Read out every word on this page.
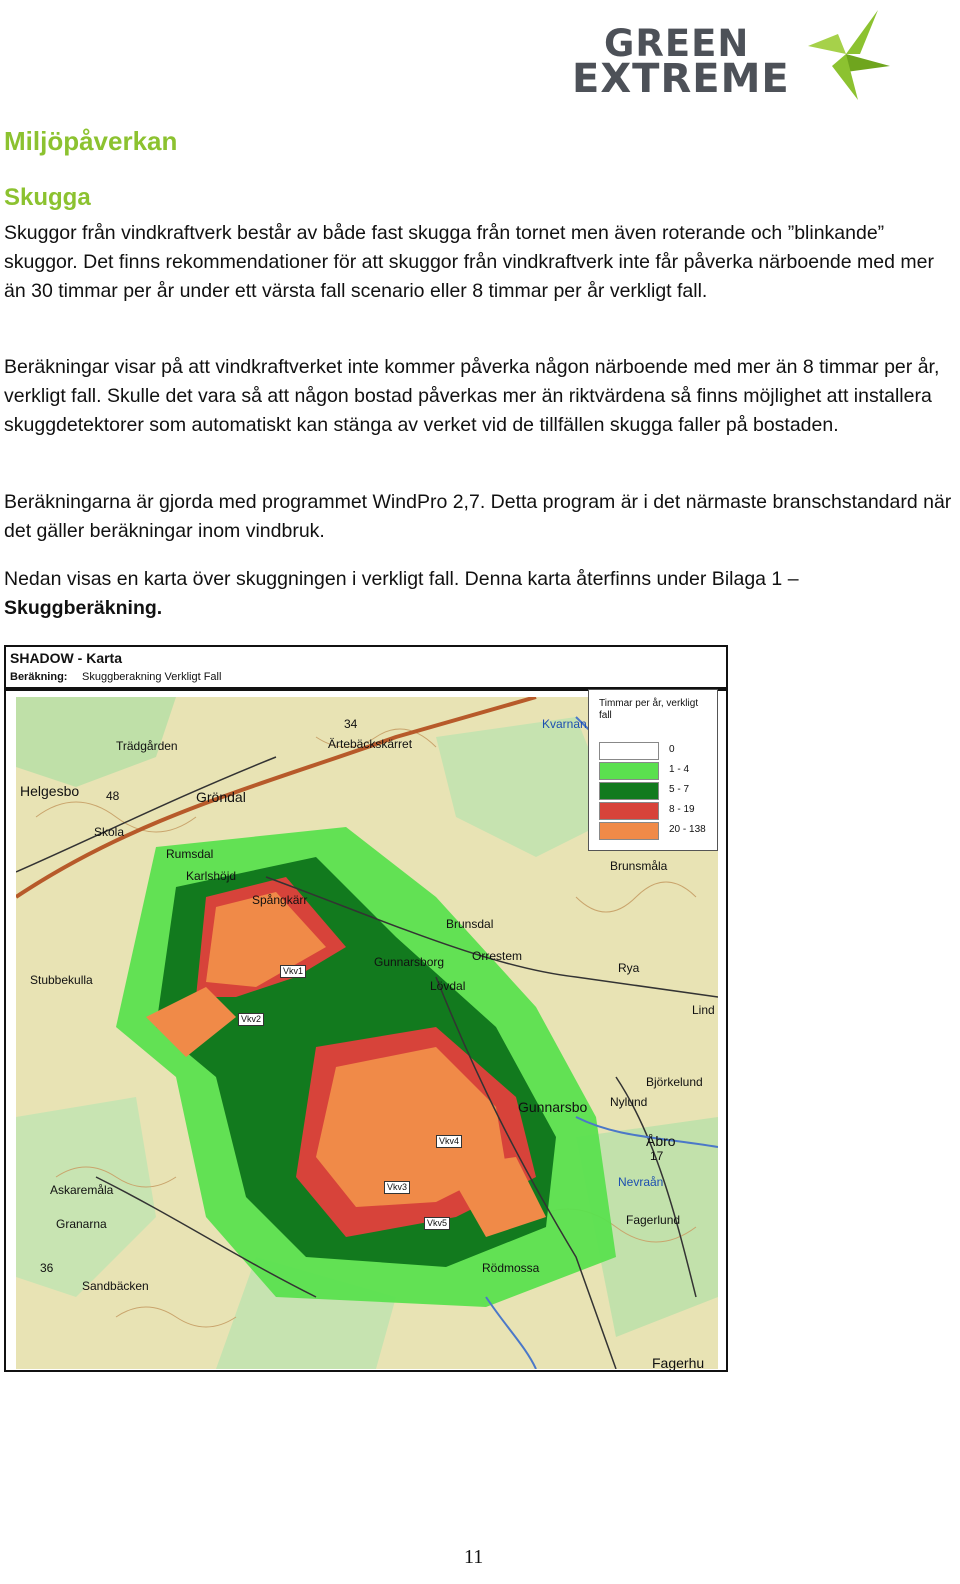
GREEN
EXTREME
Miljöpåverkan
Skugga

Skuggor från vindkraftverk består av både fast skugga från tornet men även roterande och ”blinkande” skuggor. Det finns rekommendationer för att skuggor från vindkraftverk inte får påverka närboende med mer än 30 timmar per år under ett värsta fall scenario eller 8 timmar per år verkligt fall.

Beräkningar visar på att vindkraftverket inte kommer påverka någon närboende med mer än 8 timmar per år, verkligt fall. Skulle det vara så att någon bostad påverkas mer än riktvärdena så finns möjlighet att installera skuggdetektorer som automatiskt kan stänga av verket vid de tillfällen skugga faller på bostaden.

Beräkningarna är gjorda med programmet WindPro 2,7. Detta program är i det närmaste branschstandard när det gäller beräkningar inom vindbruk.

Nedan visas en karta över skuggningen i verkligt fall. Denna karta återfinns under Bilaga 1 –
Skuggberäkning.

SHADOW - Karta
Beräkning: Skuggberakning Verkligt Fall
Timmar per år, verkligt fall
0
1 - 4
5 - 7
8 - 19
20 - 138
Trädgården	Ärtebäckskärret
34	Kvarnan
Helgesbo 48	Gröndal
Skola
Rumsdal
Karlshöjd
Spångkärr
Brunsmåla
Stubbekulla
Brunsdal
Gunnarsborg Orrestem
Lövdal
Rya
Lind
Björkelund
Nylund
Gunnarsbo
Åbro
17
Nevraån
Askaremåla
Fagerlund
Granarna
36	Rödmossa
Sandbäcken
Fagerhu
Vkv1
Vkv2
Vkv3
Vkv4
Vkv5
11
